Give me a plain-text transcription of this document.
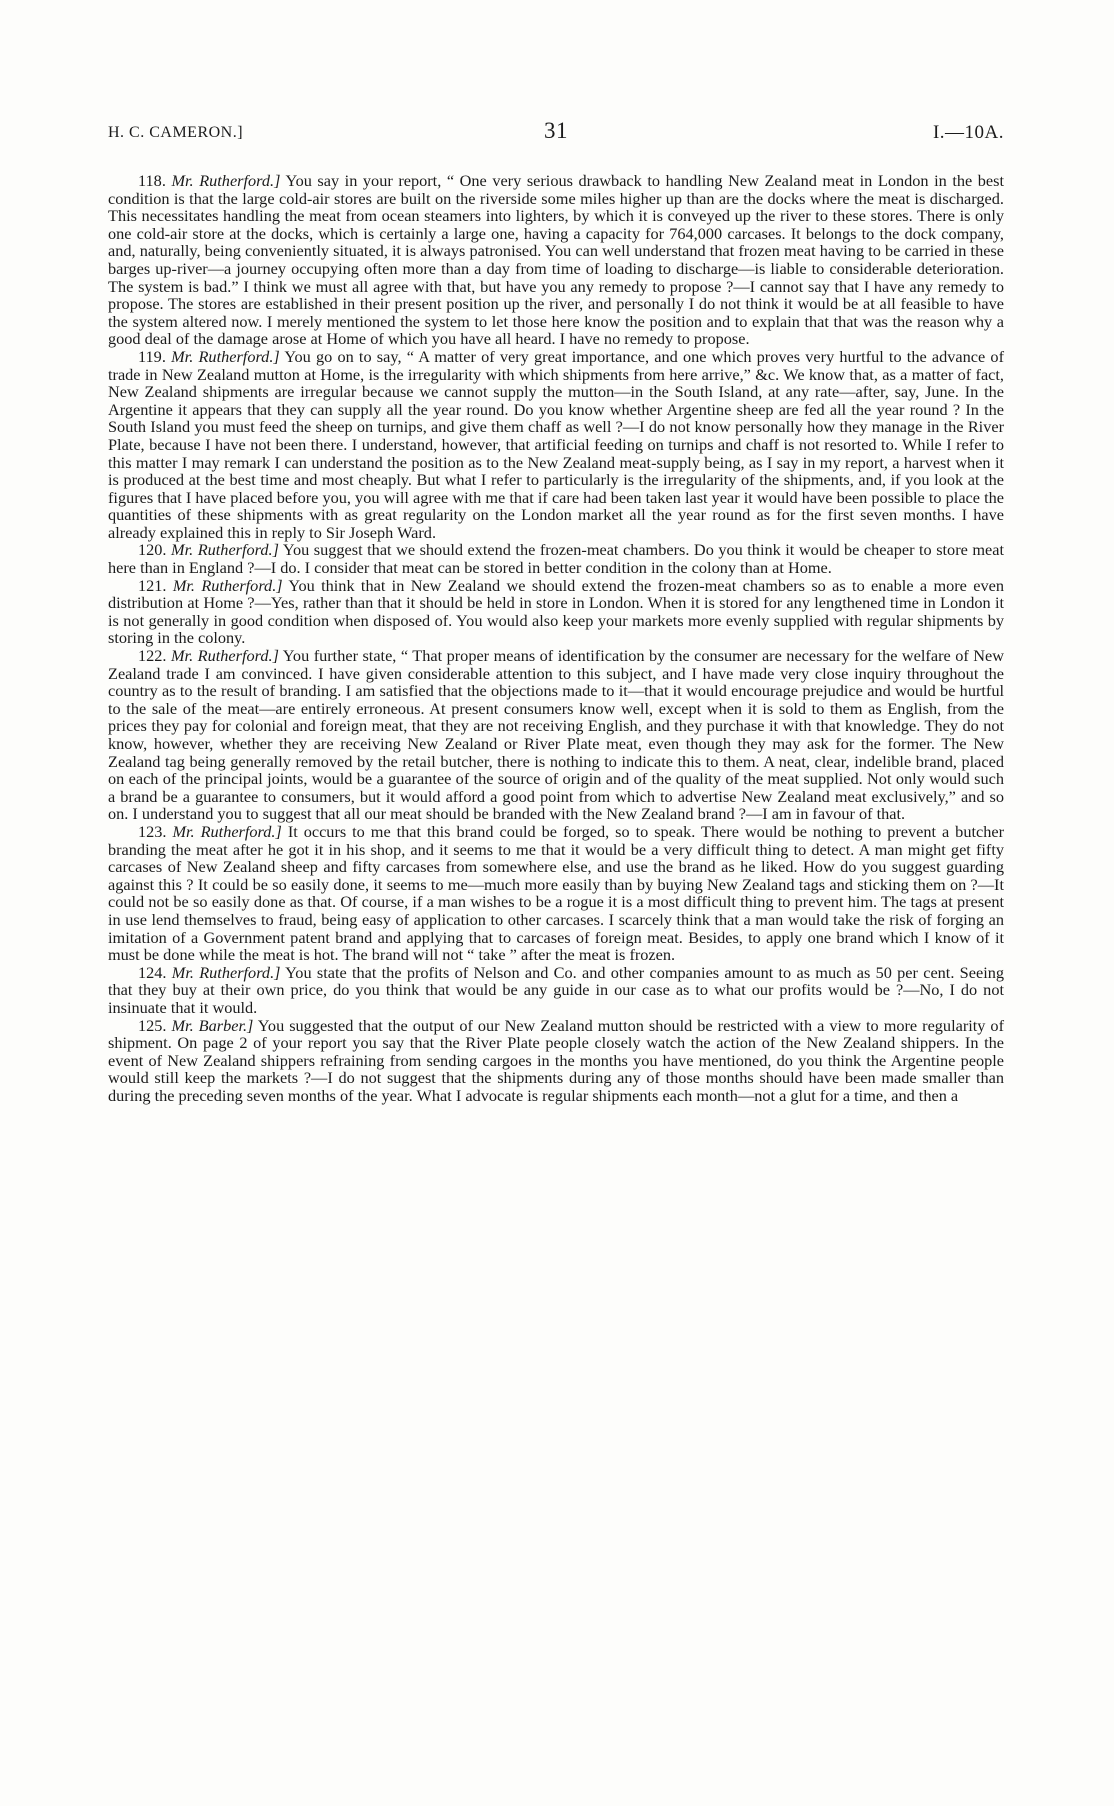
H. C. CAMERON.]	31	I.—10A.

118. Mr. Rutherford.] You say in your report, “ One very serious drawback to handling New Zealand meat in London in the best condition is that the large cold-air stores are built on the riverside some miles higher up than are the docks where the meat is discharged. This necessitates handling the meat from ocean steamers into lighters, by which it is conveyed up the river to these stores. There is only one cold-air store at the docks, which is certainly a large one, having a capacity for 764,000 carcases. It belongs to the dock company, and, naturally, being conveniently situated, it is always patronised. You can well understand that frozen meat having to be carried in these barges up-river—a journey occupying often more than a day from time of loading to discharge—is liable to considerable deterioration. The system is bad.” I think we must all agree with that, but have you any remedy to propose ?—I cannot say that I have any remedy to propose. The stores are established in their present position up the river, and personally I do not think it would be at all feasible to have the system altered now. I merely mentioned the system to let those here know the position and to explain that that was the reason why a good deal of the damage arose at Home of which you have all heard. I have no remedy to propose.

119. Mr. Rutherford.] You go on to say, “ A matter of very great importance, and one which proves very hurtful to the advance of trade in New Zealand mutton at Home, is the irregularity with which shipments from here arrive,” &c. We know that, as a matter of fact, New Zealand shipments are irregular because we cannot supply the mutton—in the South Island, at any rate—after, say, June. In the Argentine it appears that they can supply all the year round. Do you know whether Argentine sheep are fed all the year round ? In the South Island you must feed the sheep on turnips, and give them chaff as well ?—I do not know personally how they manage in the River Plate, because I have not been there. I understand, however, that artificial feeding on turnips and chaff is not resorted to. While I refer to this matter I may remark I can understand the position as to the New Zealand meat-supply being, as I say in my report, a harvest when it is produced at the best time and most cheaply. But what I refer to particularly is the irregularity of the shipments, and, if you look at the figures that I have placed before you, you will agree with me that if care had been taken last year it would have been possible to place the quantities of these shipments with as great regularity on the London market all the year round as for the first seven months. I have already explained this in reply to Sir Joseph Ward.

120. Mr. Rutherford.] You suggest that we should extend the frozen-meat chambers. Do you think it would be cheaper to store meat here than in England ?—I do. I consider that meat can be stored in better condition in the colony than at Home.

121. Mr. Rutherford.] You think that in New Zealand we should extend the frozen-meat chambers so as to enable a more even distribution at Home ?—Yes, rather than that it should be held in store in London. When it is stored for any lengthened time in London it is not generally in good condition when disposed of. You would also keep your markets more evenly supplied with regular shipments by storing in the colony.

122. Mr. Rutherford.] You further state, “ That proper means of identification by the consumer are necessary for the welfare of New Zealand trade I am convinced. I have given considerable attention to this subject, and I have made very close inquiry throughout the country as to the result of branding. I am satisfied that the objections made to it—that it would encourage prejudice and would be hurtful to the sale of the meat—are entirely erroneous. At present consumers know well, except when it is sold to them as English, from the prices they pay for colonial and foreign meat, that they are not receiving English, and they purchase it with that knowledge. They do not know, however, whether they are receiving New Zealand or River Plate meat, even though they may ask for the former. The New Zealand tag being generally removed by the retail butcher, there is nothing to indicate this to them. A neat, clear, indelible brand, placed on each of the principal joints, would be a guarantee of the source of origin and of the quality of the meat supplied. Not only would such a brand be a guarantee to consumers, but it would afford a good point from which to advertise New Zealand meat exclusively,” and so on. I understand you to suggest that all our meat should be branded with the New Zealand brand ?—I am in favour of that.

123. Mr. Rutherford.] It occurs to me that this brand could be forged, so to speak. There would be nothing to prevent a butcher branding the meat after he got it in his shop, and it seems to me that it would be a very difficult thing to detect. A man might get fifty carcases of New Zealand sheep and fifty carcases from somewhere else, and use the brand as he liked. How do you suggest guarding against this ? It could be so easily done, it seems to me—much more easily than by buying New Zealand tags and sticking them on ?—It could not be so easily done as that. Of course, if a man wishes to be a rogue it is a most difficult thing to prevent him. The tags at present in use lend themselves to fraud, being easy of application to other carcases. I scarcely think that a man would take the risk of forging an imitation of a Government patent brand and applying that to carcases of foreign meat. Besides, to apply one brand which I know of it must be done while the meat is hot. The brand will not “ take ” after the meat is frozen.

124. Mr. Rutherford.] You state that the profits of Nelson and Co. and other companies amount to as much as 50 per cent. Seeing that they buy at their own price, do you think that would be any guide in our case as to what our profits would be ?—No, I do not insinuate that it would.

125. Mr. Barber.] You suggested that the output of our New Zealand mutton should be restricted with a view to more regularity of shipment. On page 2 of your report you say that the River Plate people closely watch the action of the New Zealand shippers. In the event of New Zealand shippers refraining from sending cargoes in the months you have mentioned, do you think the Argentine people would still keep the markets ?—I do not suggest that the shipments during any of those months should have been made smaller than during the preceding seven months of the year. What I advocate is regular shipments each month—not a glut for a time, and then a
